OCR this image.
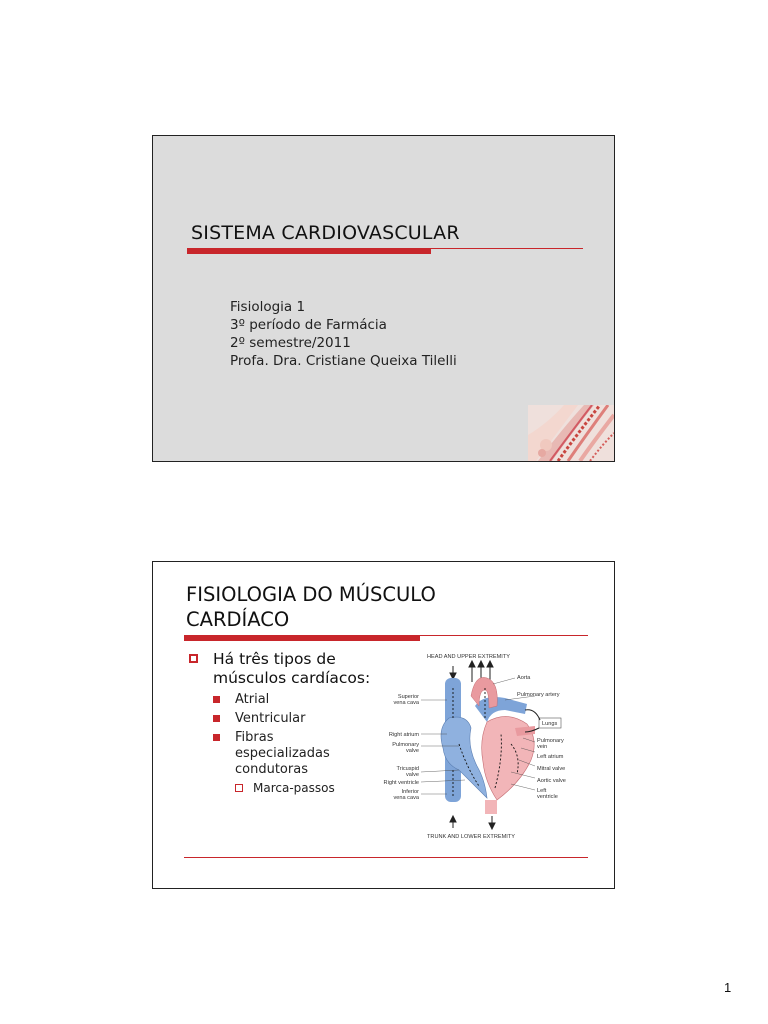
SISTEMA CARDIOVASCULAR
Fisiologia 1
3º período de Farmácia
2º semestre/2011
Profa. Dra. Cristiane Queixa Tilelli
FISIOLOGIA DO MÚSCULO
CARDÍACO
Há três tipos de músculos cardíacos:
Atrial
Ventricular
Fibras especializadas condutoras
Marca-passos
HEAD AND UPPER EXTREMITY
TRUNK AND LOWER EXTREMITY
Lungs
Superior vena cava
Right atrium
Pulmonary valve
Tricuspid valve
Right ventricle
Inferior vena cava
Aorta
Pulmonary artery
Pulmonary vein
Left atrium
Mitral valve
Aortic valve
Left ventricle
1
